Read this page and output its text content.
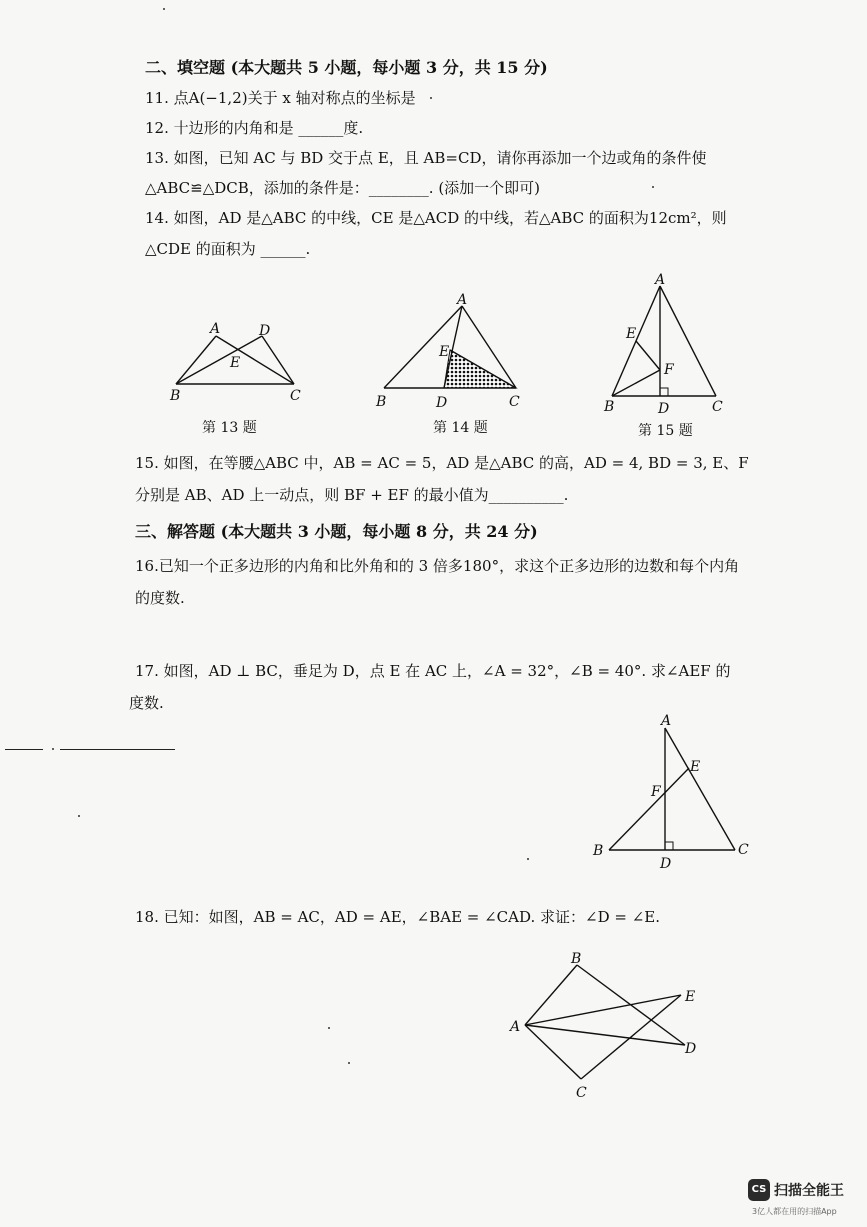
二、填空题 (本大题共 5 小题，每小题 3 分，共 15 分)
11. 点A(−1,2)关于 x 轴对称点的坐标是
12. 十边形的内角和是 ______度.
13. 如图，已知 AC 与 BD 交于点 E，且 AB=CD，请你再添加一个边或角的条件使
△ABC≌△DCB，添加的条件是：________. (添加一个即可)
14. 如图，AD 是△ABC 的中线，CE 是△ACD 的中线，若△ABC 的面积为12cm²，则
△CDE 的面积为 ______.
A	D
E
B	C
第 13 题
A
E
B	D	C
第 14 题
A
E
F
B	D	C
第 15 题
15. 如图，在等腰△ABC 中，AB = AC = 5，AD 是△ABC 的高，AD = 4, BD = 3, E、F
分别是 AB、AD 上一动点，则 BF + EF 的最小值为__________.
三、解答题 (本大题共 3 小题，每小题 8 分，共 24 分)
16.已知一个正多边形的内角和比外角和的 3 倍多180°，求这个正多边形的边数和每个内角
的度数.
17. 如图，AD ⊥ BC，垂足为 D，点 E 在 AC 上，∠A = 32°，∠B = 40°. 求∠AEF 的
度数.
A
E
F
B
D
C
18. 已知：如图，AB = AC，AD = AE，∠BAE = ∠CAD. 求证：∠D = ∠E.
B
E
A
D
C
CS 扫描全能王
3亿人都在用的扫描App
